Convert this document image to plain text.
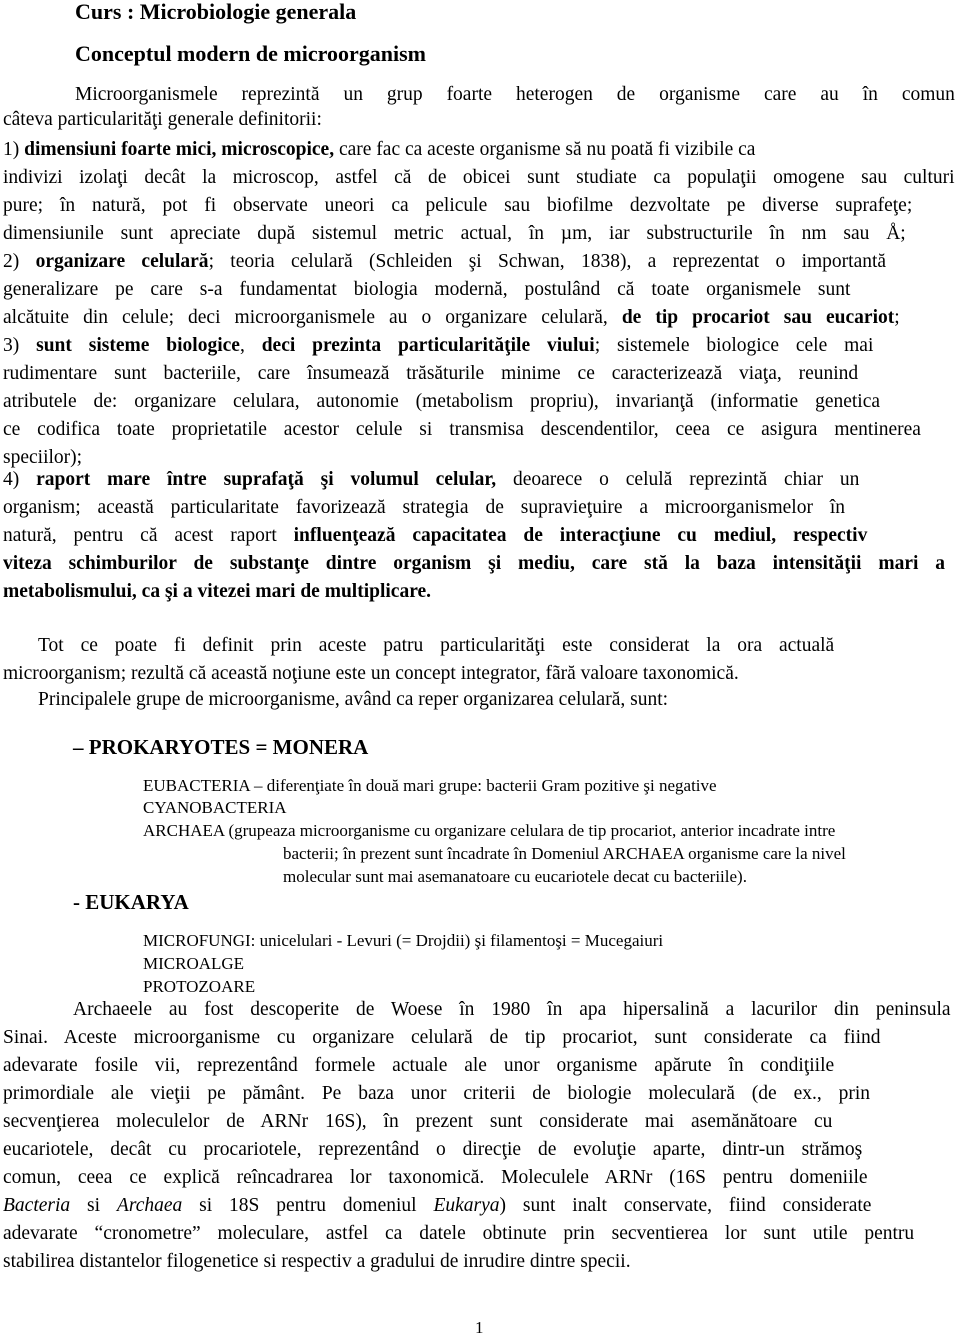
Curs : Microbiologie generala
Conceptul modern de microorganism
Microorganismele reprezintă un grup foarte heterogen de organisme care au în comun
câteva particularităţi generale definitorii:
1) dimensiuni foarte mici, microscopice, care fac ca aceste organisme să nu poată fi vizibile ca
indivizi izolaţi decât la microscop, astfel că de obicei sunt studiate ca populaţii omogene sau culturi
pure; în natură, pot fi observate uneori ca pelicule sau biofilme dezvoltate pe diverse suprafeţe;
dimensiunile sunt apreciate după sistemul metric actual, în µm, iar substructurile în nm sau Å;
2) organizare celulară; teoria celulară (Schleiden şi Schwan, 1838), a reprezentat o importantă
generalizare pe care s-a fundamentat biologia modernă, postulând că toate organismele sunt
alcătuite din celule; deci microorganismele au o organizare celulară, de tip procariot sau eucariot;
3) sunt sisteme biologice, deci prezinta particularităţile viului; sistemele biologice cele mai
rudimentare sunt bacteriile, care însumează trăsăturile minime ce caracterizează viaţa, reunind
atributele de: organizare celulara, autonomie (metabolism propriu), invarianţă (informatie genetica
ce codifica toate proprietatile acestor celule si transmisa descendentilor, ceea ce asigura mentinerea
speciilor);
4) raport mare între suprafaţă şi volumul celular, deoarece o celulă reprezintă chiar un
organism; această particularitate favorizează strategia de supravieţuire a microorganismelor în
natură, pentru că acest raport influenţează capacitatea de interacţiune cu mediul, respectiv
viteza schimburilor de substanţe dintre organism şi mediu, care stă la baza intensităţii mari a
metabolismului, ca şi a vitezei mari de multiplicare.
Tot ce poate fi definit prin aceste patru particularităţi este considerat la ora actuală
microorganism; rezultă că această noţiune este un concept integrator, fãră valoare taxonomică.
Principalele grupe de microorganisme, având ca reper organizarea celulară, sunt:
– PROKARYOTES = MONERA
EUBACTERIA – diferenţiate în două mari grupe: bacterii Gram pozitive şi negative
CYANOBACTERIA
ARCHAEA (grupeaza microorganisme cu organizare celulara de tip procariot, anterior incadrate intre
bacterii; în prezent sunt încadrate în Domeniul ARCHAEA organisme care la nivel
molecular sunt mai asemanatoare cu eucariotele decat cu bacteriile).
- EUKARYA
MICROFUNGI: unicelulari - Levuri (= Drojdii) şi filamentoşi = Mucegaiuri
MICROALGE
PROTOZOARE
Archaeele au fost descoperite de Woese în 1980 în apa hipersalină a lacurilor din peninsula
Sinai. Aceste microorganisme cu organizare celulară de tip procariot, sunt considerate ca fiind
adevarate fosile vii, reprezentând formele actuale ale unor organisme apărute în condiţiile
primordiale ale vieţii pe pământ. Pe baza unor criterii de biologie moleculară (de ex., prin
secvenţierea moleculelor de ARNr 16S), în prezent sunt considerate mai asemănătoare cu
eucariotele, decât cu procariotele, reprezentând o direcţie de evoluţie aparte, dintr-un strămoş
comun, ceea ce explică reîncadrarea lor taxonomică. Moleculele ARNr (16S pentru domeniile
Bacteria si Archaea si 18S pentru domeniul Eukarya) sunt inalt conservate, fiind considerate
adevarate “cronometre” moleculare, astfel ca datele obtinute prin secventierea lor sunt utile pentru
stabilirea distantelor filogenetice si respectiv a gradului de inrudire dintre specii.
1
